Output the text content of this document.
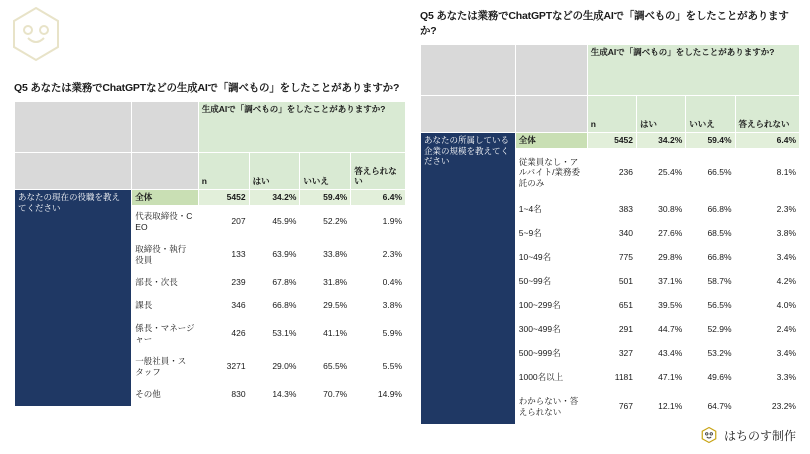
Q5 あなたは業務でChatGPTなどの生成AIで「調べもの」をしたことがありますか?
		生成AIで「調べもの」をしたことがありますか?			
		n	はい	いいえ	答えられない
あなたの現在の役職を教えてください	全体	5452	34.2%	59.4%	6.4%
	代表取締役・CEO	207	45.9%	52.2%	1.9%
	取締役・執行役員	133	63.9%	33.8%	2.3%
	部長・次長	239	67.8%	31.8%	0.4%
	課長	346	66.8%	29.5%	3.8%
	係長・マネージャー	426	53.1%	41.1%	5.9%
	一般社員・スタッフ	3271	29.0%	65.5%	5.5%
	その他	830	14.3%	70.7%	14.9%
Q5 あなたは業務でChatGPTなどの生成AIで「調べもの」をしたことがありますか?
		生成AIで「調べもの」をしたことがありますか?			
		n	はい	いいえ	答えられない
あなたの所属している企業の規模を教えてください	全体	5452	34.2%	59.4%	6.4%
	従業員なし・アルバイト/業務委託のみ	236	25.4%	66.5%	8.1%
	1~4名	383	30.8%	66.8%	2.3%
	5~9名	340	27.6%	68.5%	3.8%
	10~49名	775	29.8%	66.8%	3.4%
	50~99名	501	37.1%	58.7%	4.2%
	100~299名	651	39.5%	56.5%	4.0%
	300~499名	291	44.7%	52.9%	2.4%
	500~999名	327	43.4%	53.2%	3.4%
	1000名以上	1181	47.1%	49.6%	3.3%
	わからない・答えられない	767	12.1%	64.7%	23.2%
はちのす制作
